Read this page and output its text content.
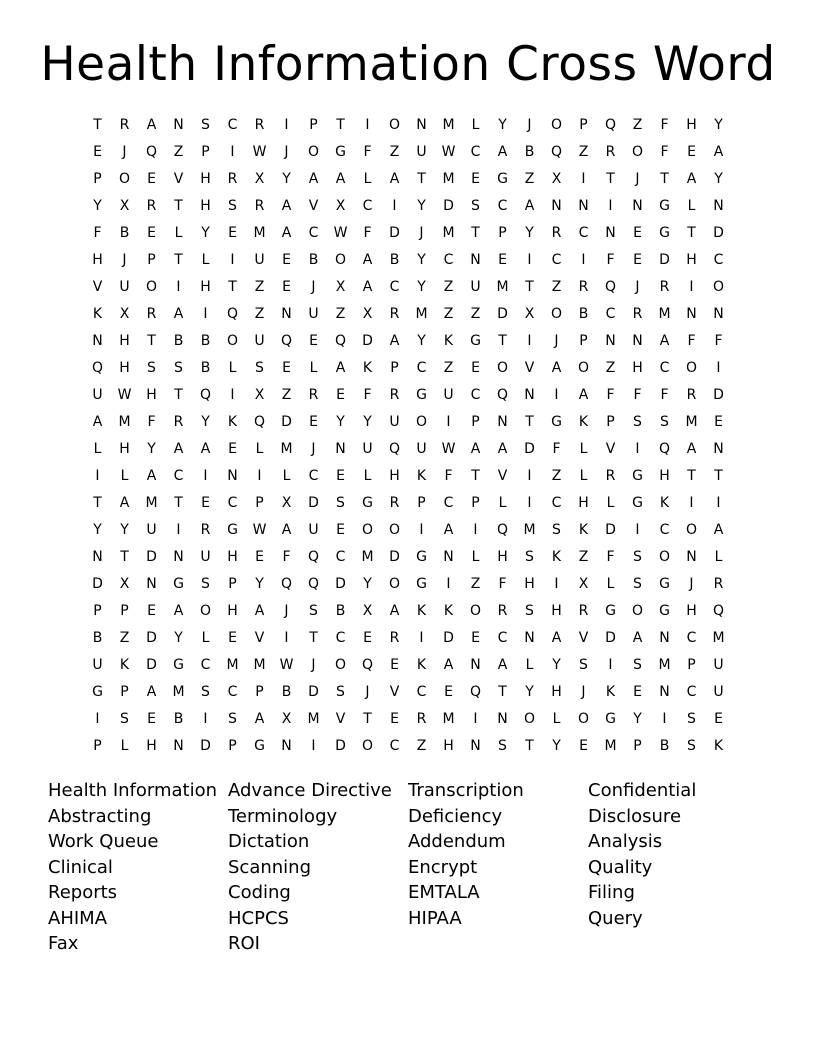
Health Information Cross Word
T	R	A	N	S	C	R	I	P	T	I	O	N	M	L	Y	J	O	P	Q	Z	F	H	Y
E	J	Q	Z	P	I	W	J	O	G	F	Z	U	W	C	A	B	Q	Z	R	O	F	E	A
P	O	E	V	H	R	X	Y	A	A	L	A	T	M	E	G	Z	X	I	T	J	T	A	Y
Y	X	R	T	H	S	R	A	V	X	C	I	Y	D	S	C	A	N	N	I	N	G	L	N
F	B	E	L	Y	E	M	A	C	W	F	D	J	M	T	P	Y	R	C	N	E	G	T	D
H	J	P	T	L	I	U	E	B	O	A	B	Y	C	N	E	I	C	I	F	E	D	H	C
V	U	O	I	H	T	Z	E	J	X	A	C	Y	Z	U	M	T	Z	R	Q	J	R	I	O
K	X	R	A	I	Q	Z	N	U	Z	X	R	M	Z	Z	D	X	O	B	C	R	M	N	N
N	H	T	B	B	O	U	Q	E	Q	D	A	Y	K	G	T	I	J	P	N	N	A	F	F
Q	H	S	S	B	L	S	E	L	A	K	P	C	Z	E	O	V	A	O	Z	H	C	O	I
U	W	H	T	Q	I	X	Z	R	E	F	R	G	U	C	Q	N	I	A	F	F	F	R	D
A	M	F	R	Y	K	Q	D	E	Y	Y	U	O	I	P	N	T	G	K	P	S	S	M	E
L	H	Y	A	A	E	L	M	J	N	U	Q	U	W	A	A	D	F	L	V	I	Q	A	N
I	L	A	C	I	N	I	L	C	E	L	H	K	F	T	V	I	Z	L	R	G	H	T	T
T	A	M	T	E	C	P	X	D	S	G	R	P	C	P	L	I	C	H	L	G	K	I	I
Y	Y	U	I	R	G	W	A	U	E	O	O	I	A	I	Q	M	S	K	D	I	C	O	A
N	T	D	N	U	H	E	F	Q	C	M	D	G	N	L	H	S	K	Z	F	S	O	N	L
D	X	N	G	S	P	Y	Q	Q	D	Y	O	G	I	Z	F	H	I	X	L	S	G	J	R
P	P	E	A	O	H	A	J	S	B	X	A	K	K	O	R	S	H	R	G	O	G	H	Q
B	Z	D	Y	L	E	V	I	T	C	E	R	I	D	E	C	N	A	V	D	A	N	C	M
U	K	D	G	C	M	M	W	J	O	Q	E	K	A	N	A	L	Y	S	I	S	M	P	U
G	P	A	M	S	C	P	B	D	S	J	V	C	E	Q	T	Y	H	J	K	E	N	C	U
I	S	E	B	I	S	A	X	M	V	T	E	R	M	I	N	O	L	O	G	Y	I	S	E
P	L	H	N	D	P	G	N	I	D	O	C	Z	H	N	S	T	Y	E	M	P	B	S	K
Health Information
Abstracting
Work Queue
Clinical
Reports
AHIMA
Fax
Advance Directive
Terminology
Dictation
Scanning
Coding
HCPCS
ROI
Transcription
Deficiency
Addendum
Encrypt
EMTALA
HIPAA
Confidential
Disclosure
Analysis
Quality
Filing
Query
